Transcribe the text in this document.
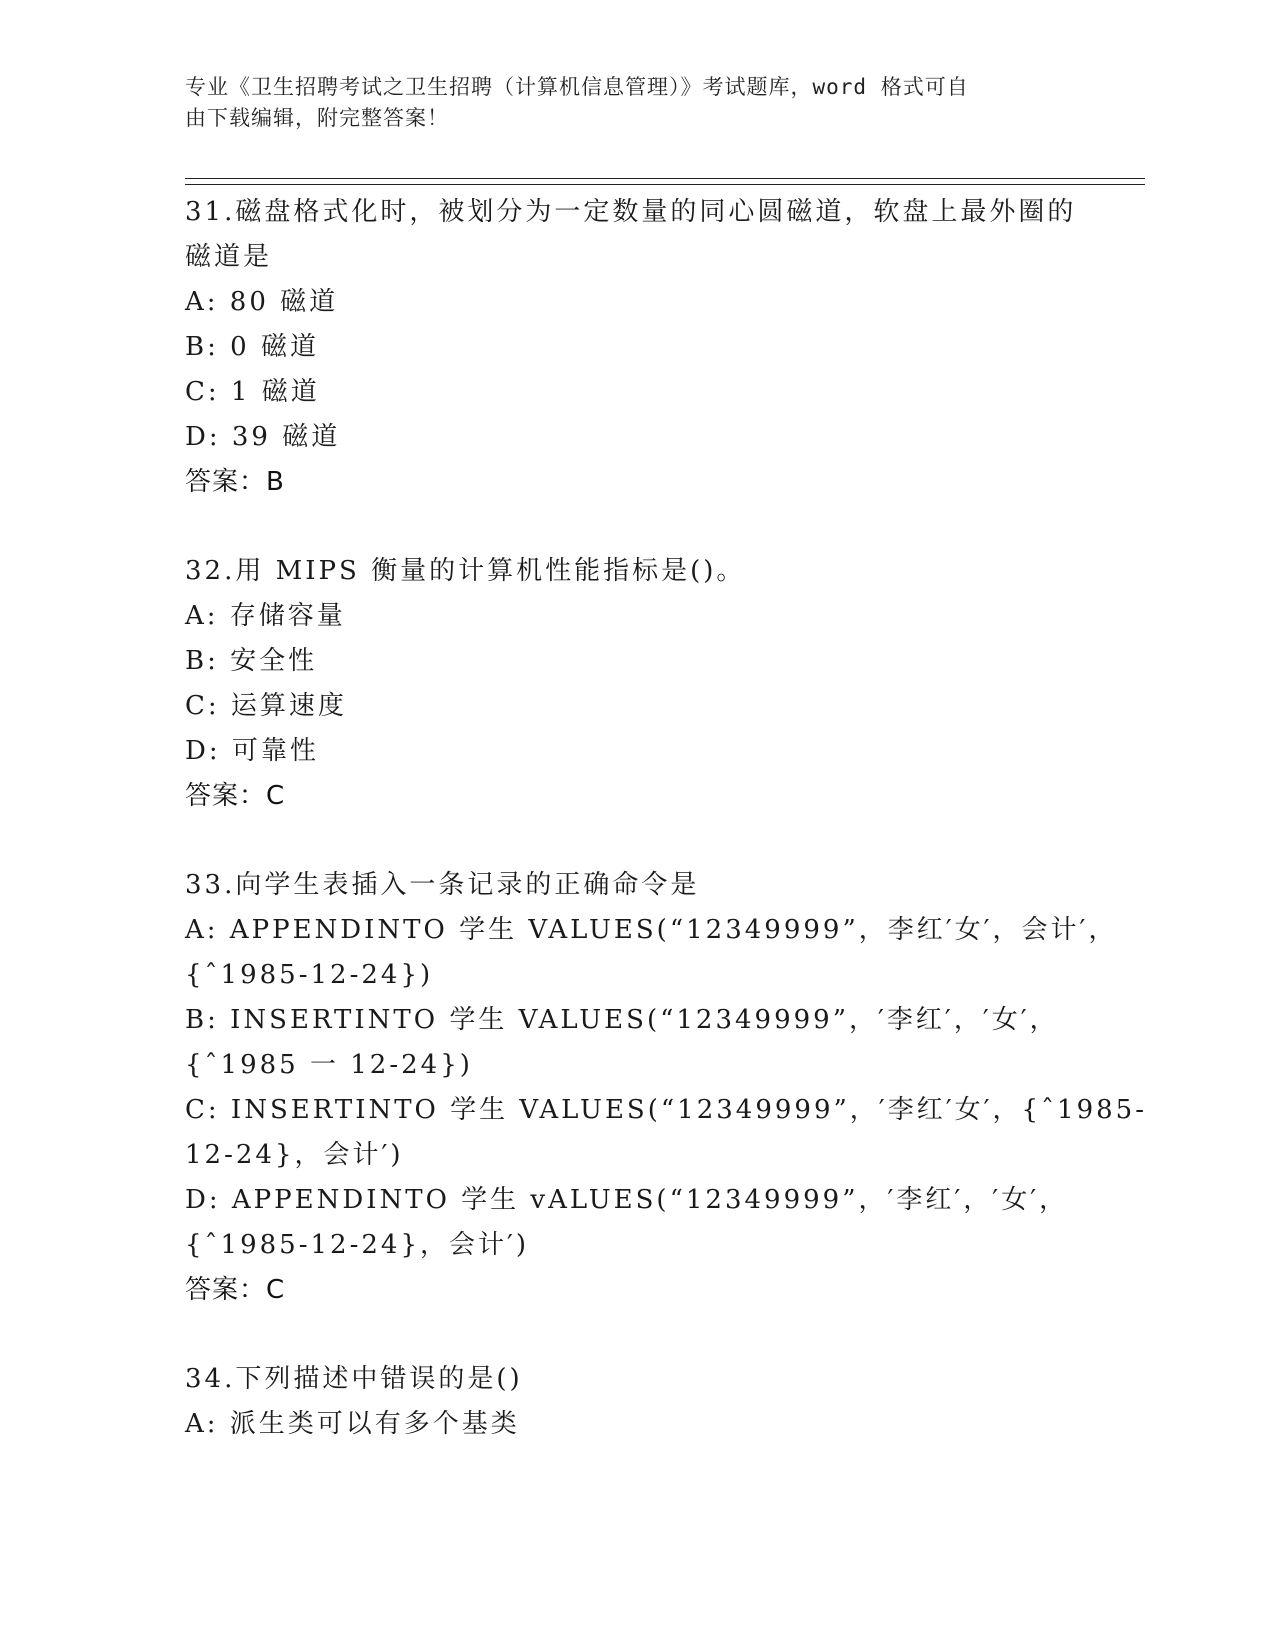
专业《卫生招聘考试之卫生招聘（计算机信息管理）》考试题库，word 格式可自
由下载编辑，附完整答案！
31.磁盘格式化时，被划分为一定数量的同心圆磁道，软盘上最外圈的
磁道是
A: 80 磁道
B: 0 磁道
C: 1 磁道
D: 39 磁道
答案：B
32.用 MIPS 衡量的计算机性能指标是()。
A: 存储容量
B: 安全性
C: 运算速度
D: 可靠性
答案：C
33.向学生表插入一条记录的正确命令是
A: APPENDINTO 学生 VALUES(“12349999”，李红′女′，会计′，
{ˆ1985-12-24})
B: INSERTINTO 学生 VALUES(“12349999”，′李红′，′女′，
{ˆ1985 一 12-24})
C: INSERTINTO 学生 VALUES(“12349999”，′李红′女′，{ˆ1985-
12-24}，会计′)
D: APPENDINTO 学生 vALUES(“12349999”，′李红′，′女′，
{ˆ1985-12-24}，会计′)
答案：C
34.下列描述中错误的是()
A: 派生类可以有多个基类
